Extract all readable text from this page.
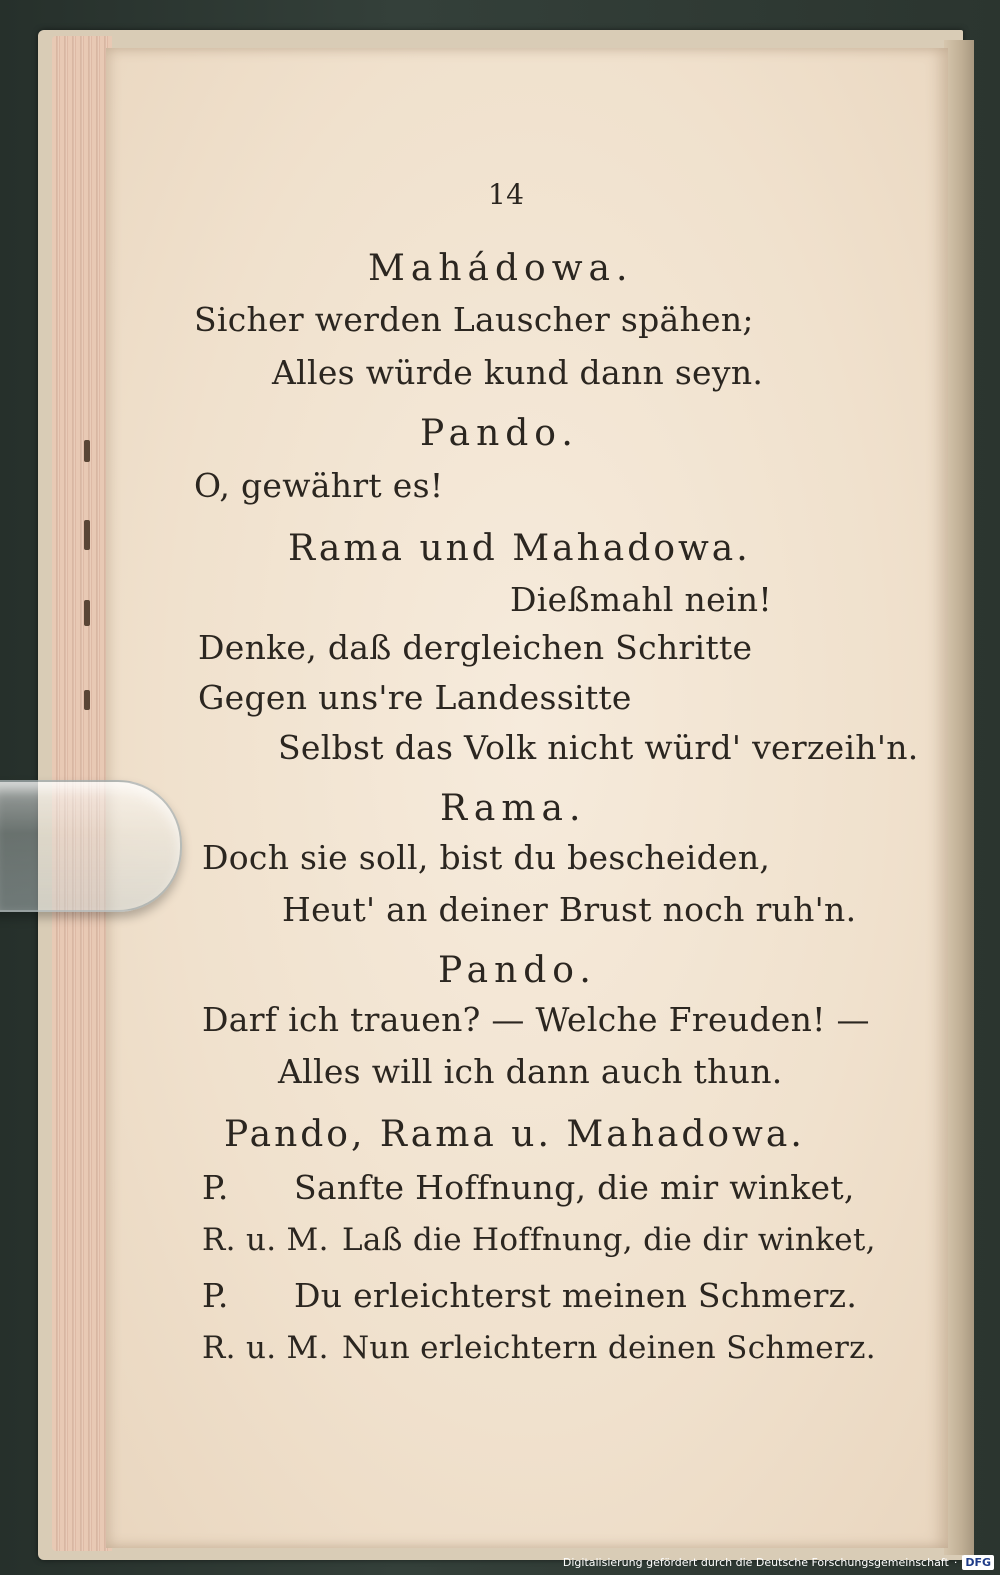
14
Mahádowa.
Sicher werden Lauscher spähen;
Alles würde kund dann seyn.
Pando.
O, gewährt es!
Rama und Mahadowa.
Dießmahl nein!
Denke, daß dergleichen Schritte
Gegen uns're Landessitte
Selbst das Volk nicht würd' verzeih'n.
Rama.
Doch sie soll, bist du bescheiden,
Heut' an deiner Brust noch ruh'n.
Pando.
Darf ich trauen? — Welche Freuden! —
Alles will ich dann auch thun.
Pando, Rama u. Mahadowa.
P. Sanfte Hoffnung, die mir winket,
R. u. M. Laß die Hoffnung, die dir winket,
P. Du erleichterst meinen Schmerz.
R. u. M. Nun erleichtern deinen Schmerz.
Digitalisierung gefördert durch die Deutsche Forschungsgemeinschaft · DFG
